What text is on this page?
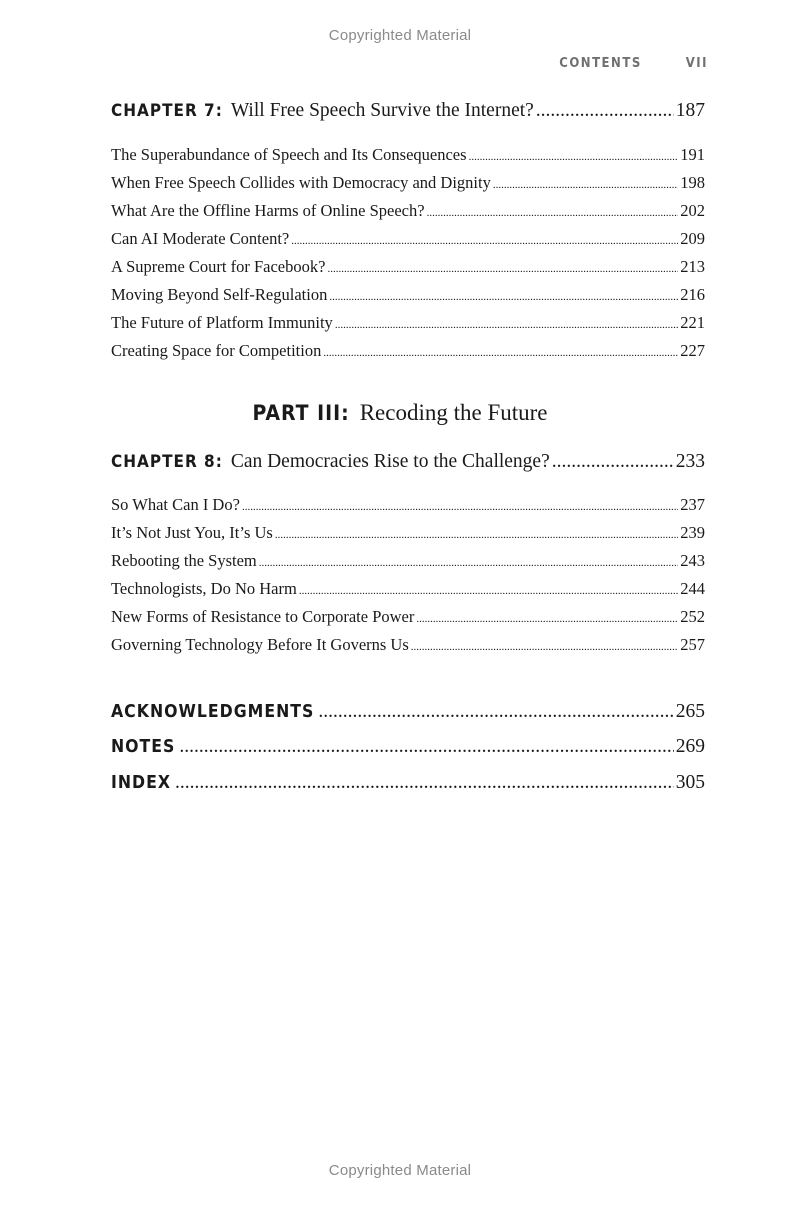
Copyrighted Material
CONTENTS	VII
CHAPTER 7: Will Free Speech Survive the Internet? .....	187
The Superabundance of Speech and Its Consequences .....	191
When Free Speech Collides with Democracy and Dignity .....	198
What Are the Offline Harms of Online Speech? .....	202
Can AI Moderate Content? .....	209
A Supreme Court for Facebook? .....	213
Moving Beyond Self-Regulation .....	216
The Future of Platform Immunity .....	221
Creating Space for Competition .....	227
CHAPTER 8: Can Democracies Rise to the Challenge? .....	233
So What Can I Do? .....	237
It’s Not Just You, It’s Us .....	239
Rebooting the System .....	243
Technologists, Do No Harm .....	244
New Forms of Resistance to Corporate Power .....	252
Governing Technology Before It Governs Us .....	257
ACKNOWLEDGMENTS .....	265
NOTES .....	269
INDEX .....	305
PART III: Recoding the Future
Copyrighted Material
